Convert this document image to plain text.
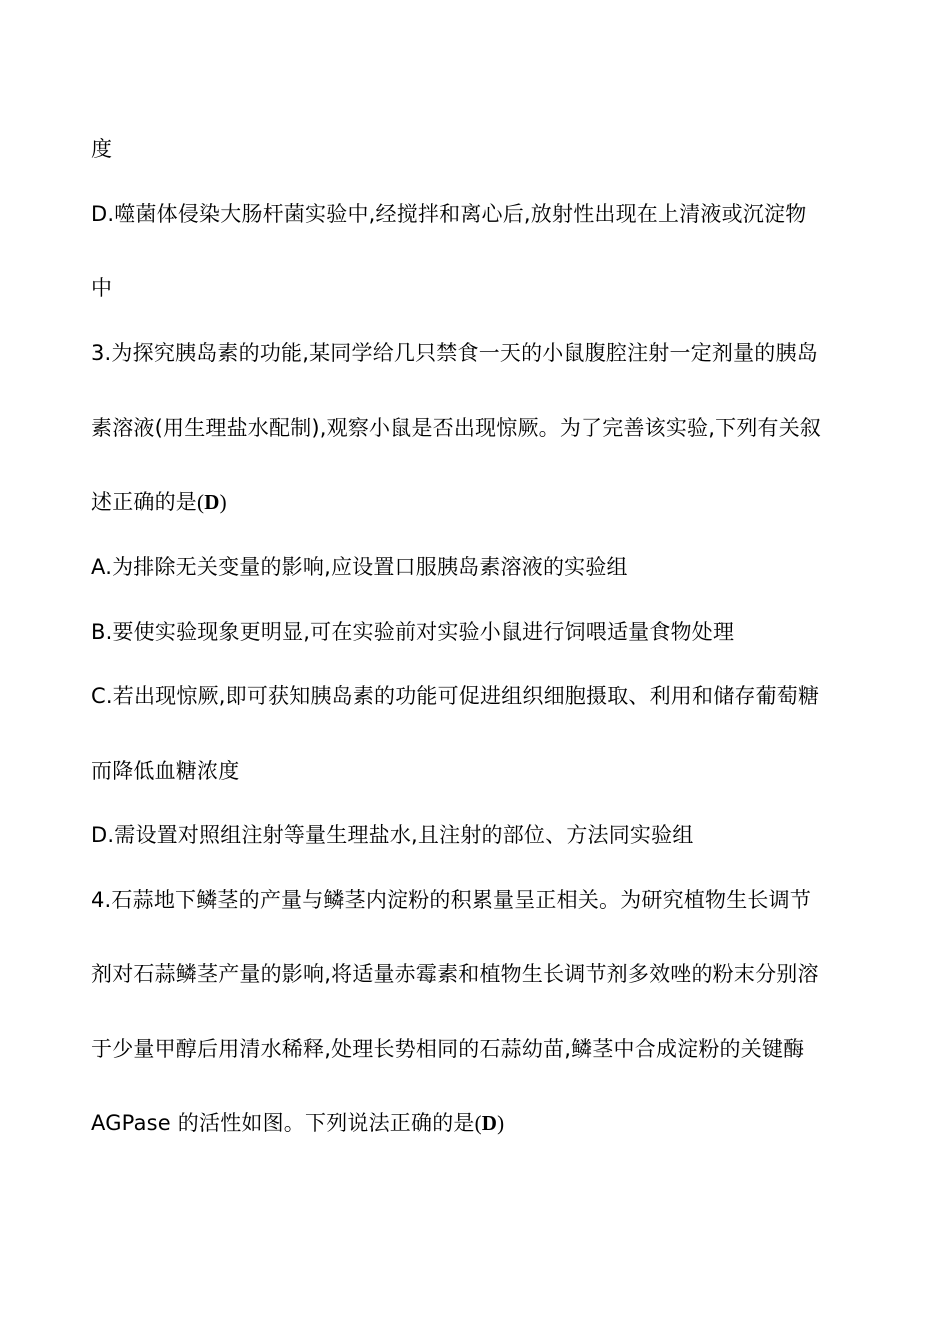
度
D.噬菌体侵染大肠杆菌实验中,经搅拌和离心后,放射性出现在上清液或沉淀物
中
3.为探究胰岛素的功能,某同学给几只禁食一天的小鼠腹腔注射一定剂量的胰岛
素溶液(用生理盐水配制),观察小鼠是否出现惊厥。为了完善该实验,下列有关叙
述正确的是(D)
A.为排除无关变量的影响,应设置口服胰岛素溶液的实验组
B.要使实验现象更明显,可在实验前对实验小鼠进行饲喂适量食物处理
C.若出现惊厥,即可获知胰岛素的功能可促进组织细胞摄取、利用和储存葡萄糖
而降低血糖浓度
D.需设置对照组注射等量生理盐水,且注射的部位、方法同实验组
4.石蒜地下鳞茎的产量与鳞茎内淀粉的积累量呈正相关。为研究植物生长调节
剂对石蒜鳞茎产量的影响,将适量赤霉素和植物生长调节剂多效唑的粉末分别溶
于少量甲醇后用清水稀释,处理长势相同的石蒜幼苗,鳞茎中合成淀粉的关键酶
AGPase 的活性如图。下列说法正确的是(D)
